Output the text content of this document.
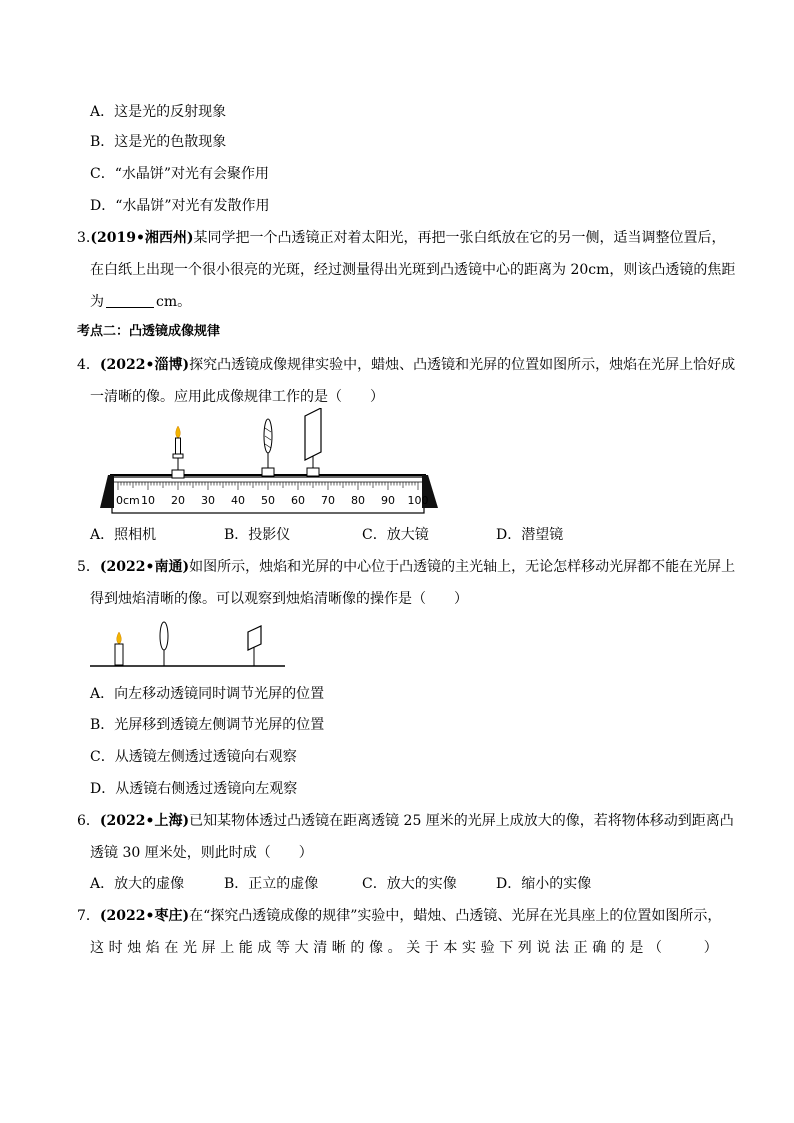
A．这是光的反射现象
B．这是光的色散现象
C．“水晶饼”对光有会聚作用
D．“水晶饼”对光有发散作用
3.(2019•湘西州)某同学把一个凸透镜正对着太阳光，再把一张白纸放在它的另一侧，适当调整位置后，
在白纸上出现一个很小很亮的光斑，经过测量得出光斑到凸透镜中心的距离为 20cm，则该凸透镜的焦距
为	cm。
考点二：凸透镜成像规律
4．(2022•淄博)探究凸透镜成像规律实验中，蜡烛、凸透镜和光屏的位置如图所示，烛焰在光屏上恰好成
一清晰的像。应用此成像规律工作的是（　　）
0cm 10 20 30 40 50 60 70 80 90 100
A．照相机	B．投影仪	C．放大镜	D．潜望镜
5．(2022•南通)如图所示，烛焰和光屏的中心位于凸透镜的主光轴上，无论怎样移动光屏都不能在光屏上
得到烛焰清晰的像。可以观察到烛焰清晰像的操作是（　　）
A．向左移动透镜同时调节光屏的位置
B．光屏移到透镜左侧调节光屏的位置
C．从透镜左侧透过透镜向右观察
D．从透镜右侧透过透镜向左观察
6．(2022•上海)已知某物体透过凸透镜在距离透镜 25 厘米的光屏上成放大的像，若将物体移动到距离凸
透镜 30 厘米处，则此时成（　　）
A．放大的虚像	B．正立的虚像	C．放大的实像	D．缩小的实像
7．(2022•枣庄)在“探究凸透镜成像的规律”实验中，蜡烛、凸透镜、光屏在光具座上的位置如图所示，
这时烛焰在光屏上能成等大清晰的像。关于本实验下列说法正确的是（　　）
